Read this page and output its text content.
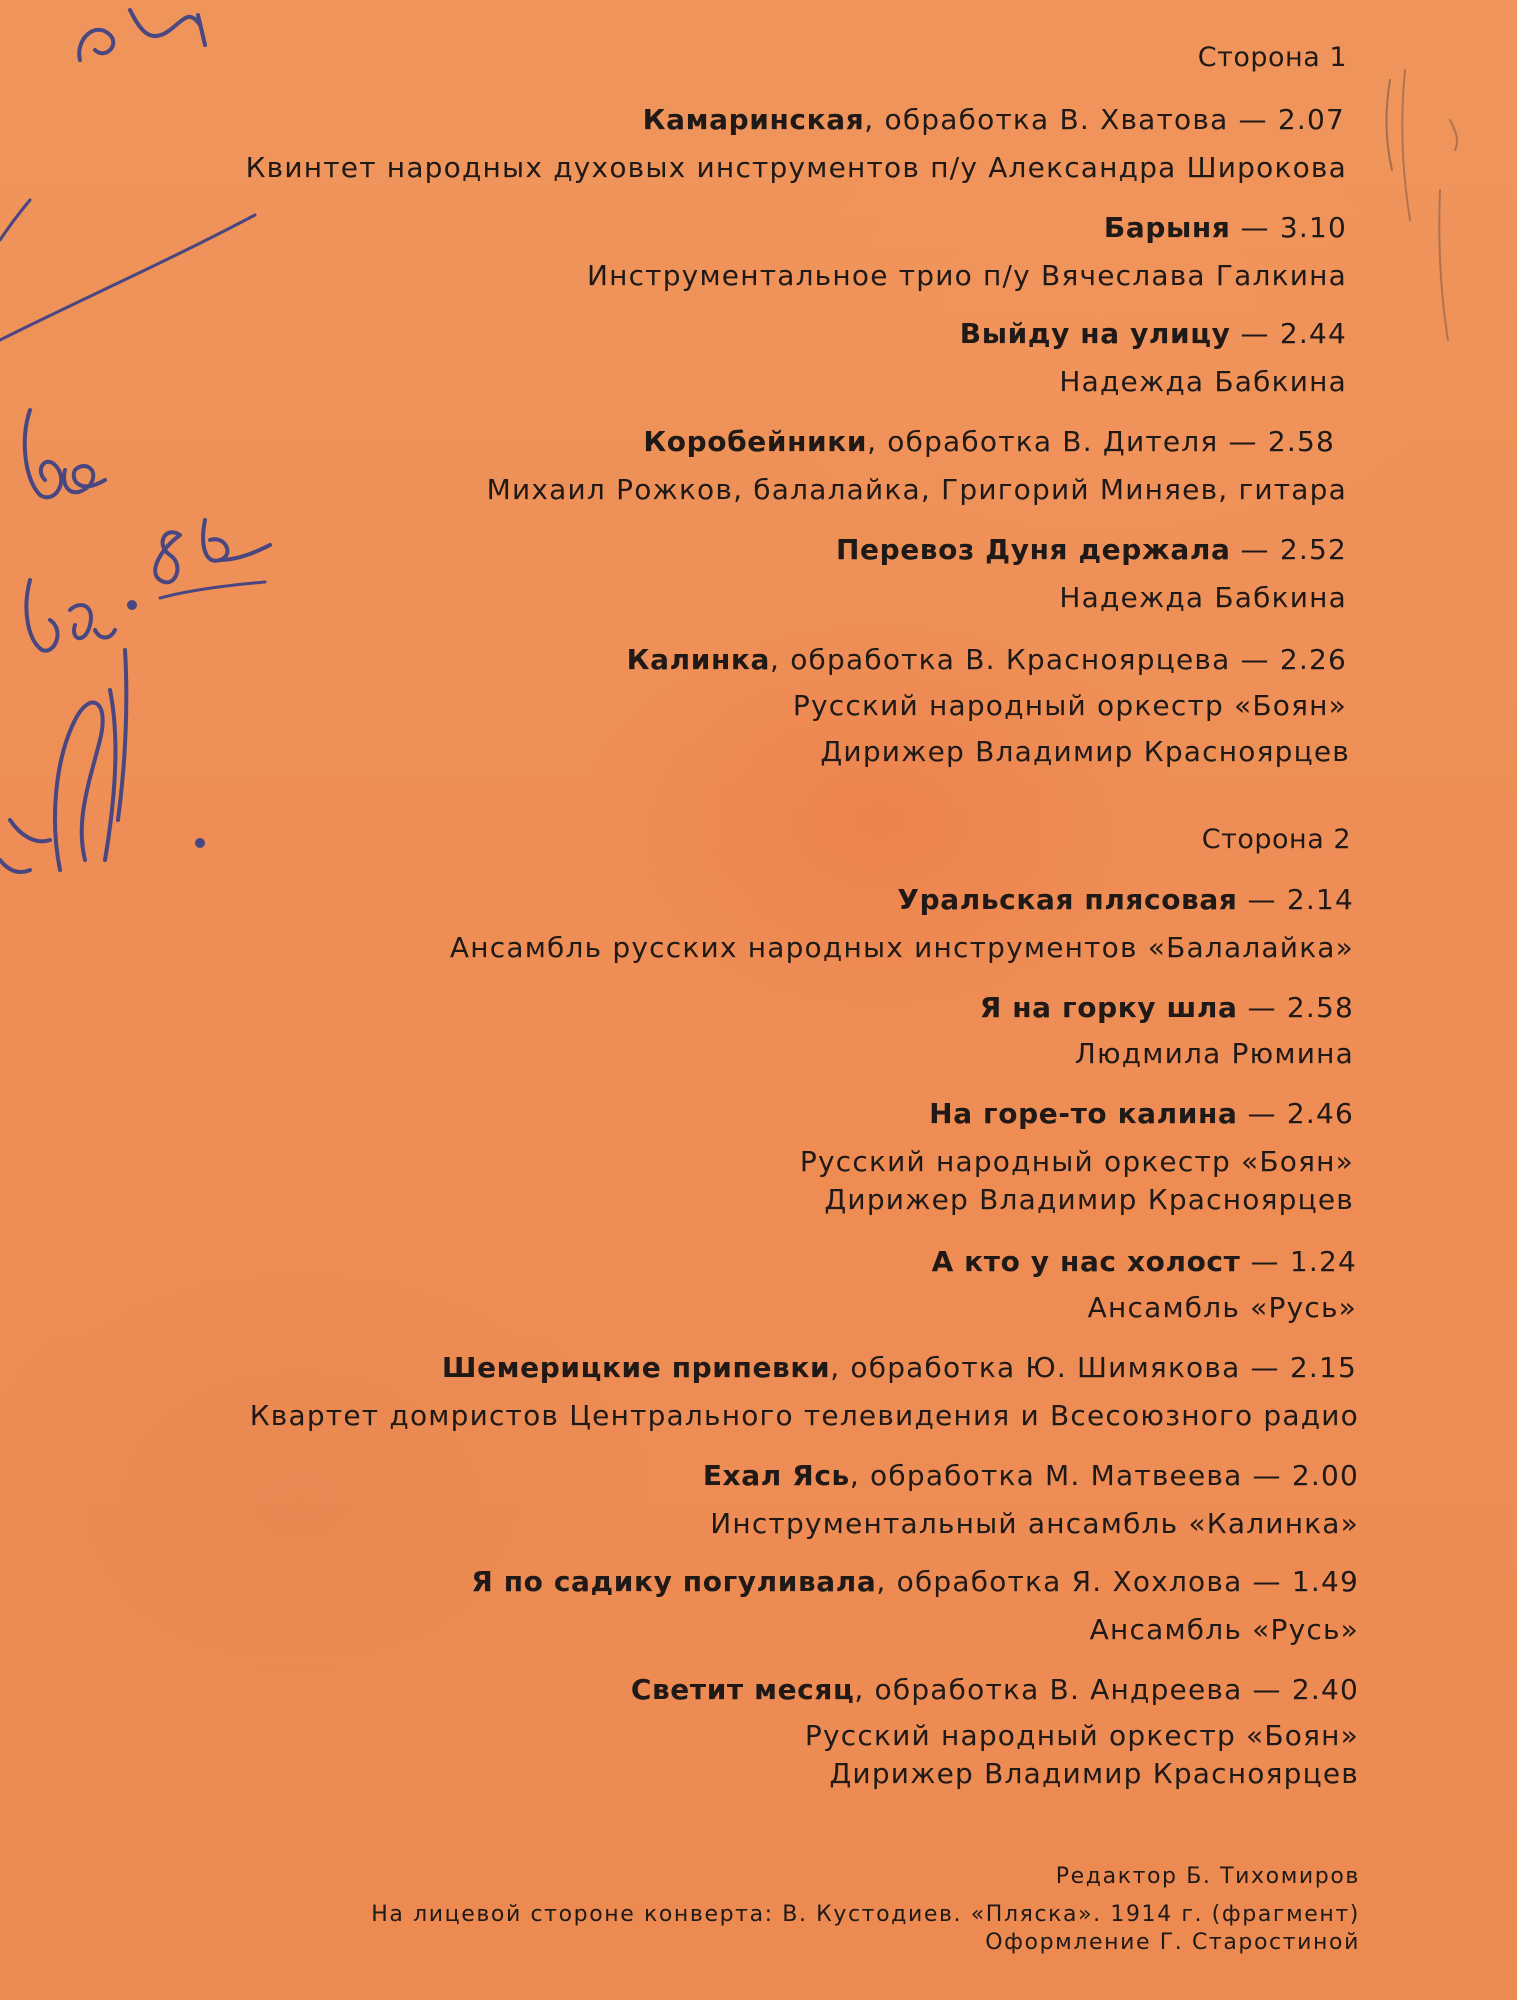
Сторона 1
Камаринская, обработка В. Хватова — 2.07
Квинтет народных духовых инструментов п/у Александра Широкова
Барыня — 3.10
Инструментальное трио п/у Вячеслава Галкина
Выйду на улицу — 2.44
Надежда Бабкина
Коробейники, обработка В. Дителя — 2.58
Михаил Рожков, балалайка, Григорий Миняев, гитара
Перевоз Дуня держала — 2.52
Надежда Бабкина
Калинка, обработка В. Красноярцева — 2.26
Русский народный оркестр «Боян»
Дирижер Владимир Красноярцев
Сторона 2
Уральская плясовая — 2.14
Ансамбль русских народных инструментов «Балалайка»
Я на горку шла — 2.58
Людмила Рюмина
На горе-то калина — 2.46
Русский народный оркестр «Боян»
Дирижер Владимир Красноярцев
А кто у нас холост — 1.24
Ансамбль «Русь»
Шемерицкие припевки, обработка Ю. Шимякова — 2.15
Квартет домристов Центрального телевидения и Всесоюзного радио
Ехал Ясь, обработка М. Матвеева — 2.00
Инструментальный ансамбль «Калинка»
Я по садику погуливала, обработка Я. Хохлова — 1.49
Ансамбль «Русь»
Светит месяц, обработка В. Андреева — 2.40
Русский народный оркестр «Боян»
Дирижер Владимир Красноярцев
Редактор Б. Тихомиров
На лицевой стороне конверта: В. Кустодиев. «Пляска». 1914 г. (фрагмент)
Оформление Г. Старостиной
